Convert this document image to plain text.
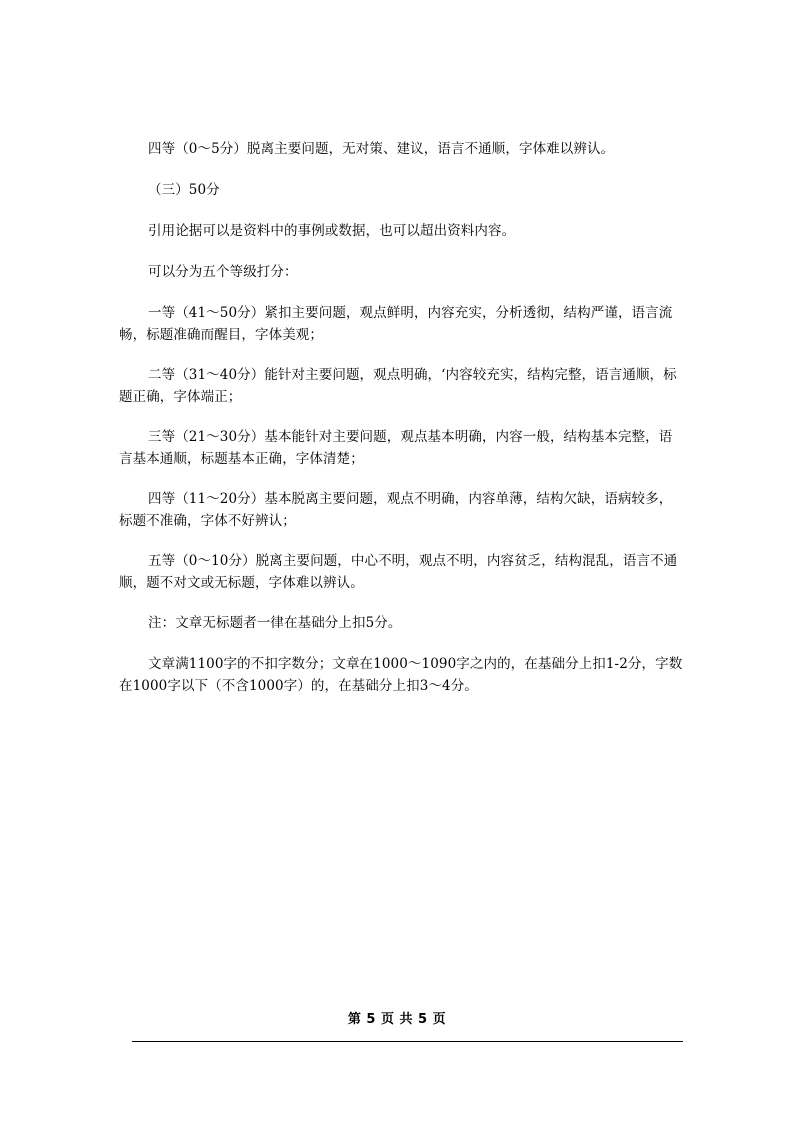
四等（0～5分）脱离主要问题，无对策、建议，语言不通顺，字体难以辨认。

（三）50分

引用论据可以是资料中的事例或数据，也可以超出资料内容。

可以分为五个等级打分：

一等（41～50分）紧扣主要问题，观点鲜明，内容充实，分析透彻，结构严谨，语言流畅，标题准确而醒目，字体美观；

二等（31～40分）能针对主要问题，观点明确，‘内容较充实，结构完整，语言通顺，标题正确，字体端正；

三等（21～30分）基本能针对主要问题，观点基本明确，内容一般，结构基本完整，语言基本通顺，标题基本正确，字体清楚；

四等（11～20分）基本脱离主要问题，观点不明确，内容单薄，结构欠缺，语病较多，标题不准确，字体不好辨认；

五等（0～10分）脱离主要问题，中心不明，观点不明，内容贫乏，结构混乱，语言不通顺，题不对文或无标题，字体难以辨认。

注：文章无标题者一律在基础分上扣5分。

文章满1100字的不扣字数分；文章在1000～1090字之内的，在基础分上扣1-2分，字数在1000字以下（不含1000字）的，在基础分上扣3～4分。

第 5 页 共 5 页
